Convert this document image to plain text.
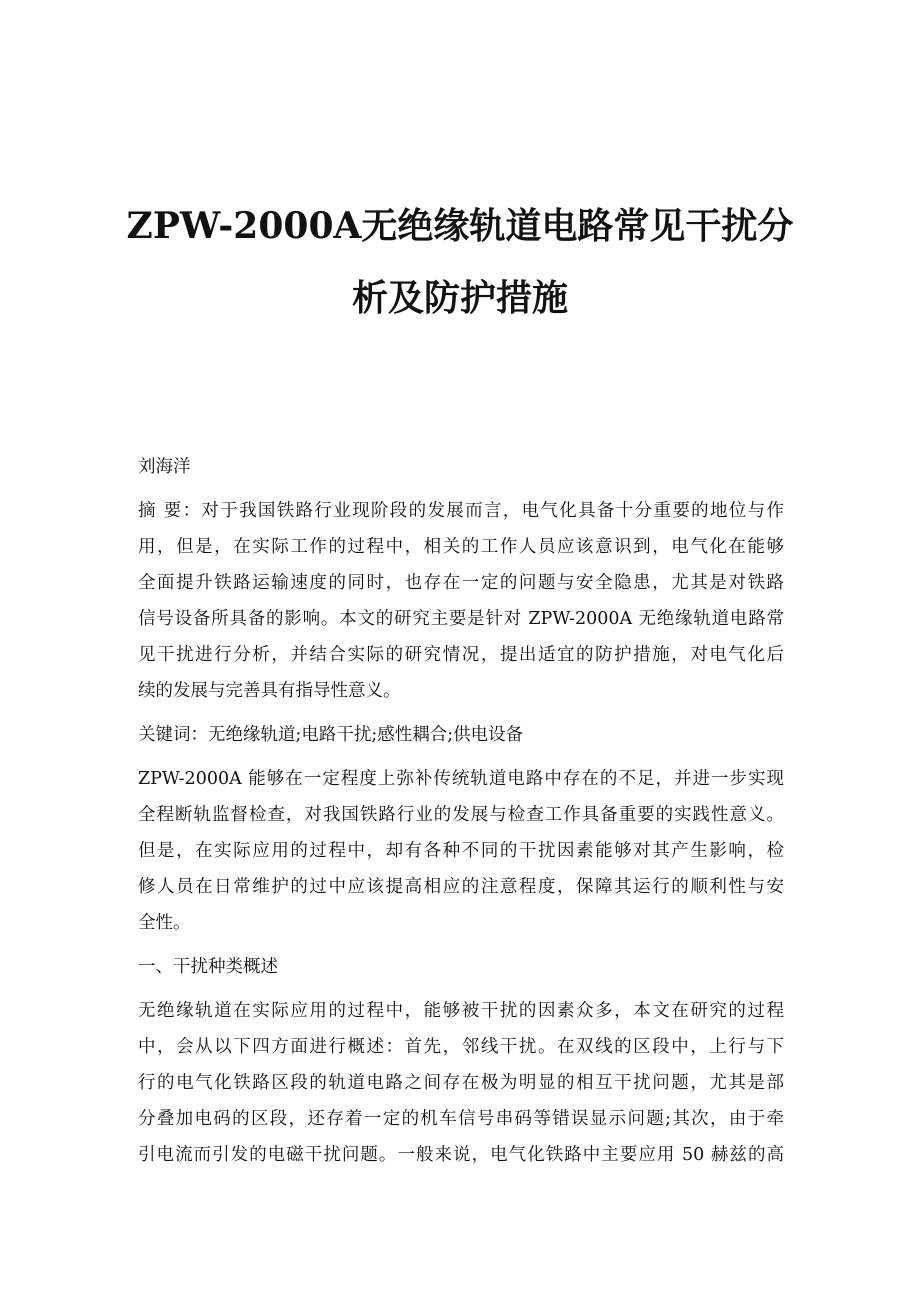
ZPW-2000A无绝缘轨道电路常见干扰分
析及防护措施
刘海洋
摘 要：对于我国铁路行业现阶段的发展而言，电气化具备十分重要的地位与作
用，但是，在实际工作的过程中，相关的工作人员应该意识到，电气化在能够
全面提升铁路运输速度的同时，也存在一定的问题与安全隐患，尤其是对铁路
信号设备所具备的影响。本文的研究主要是针对 ZPW-2000A 无绝缘轨道电路常
见干扰进行分析，并结合实际的研究情况，提出适宜的防护措施，对电气化后
续的发展与完善具有指导性意义。
关键词：无绝缘轨道;电路干扰;感性耦合;供电设备
ZPW-2000A 能够在一定程度上弥补传统轨道电路中存在的不足，并进一步实现
全程断轨监督检查，对我国铁路行业的发展与检查工作具备重要的实践性意义。
但是，在实际应用的过程中，却有各种不同的干扰因素能够对其产生影响，检
修人员在日常维护的过中应该提高相应的注意程度，保障其运行的顺利性与安
全性。
一、干扰种类概述
无绝缘轨道在实际应用的过程中，能够被干扰的因素众多，本文在研究的过程
中，会从以下四方面进行概述：首先，邻线干扰。在双线的区段中，上行与下
行的电气化铁路区段的轨道电路之间存在极为明显的相互干扰问题，尤其是部
分叠加电码的区段，还存着一定的机车信号串码等错误显示问题;其次，由于牵
引电流而引发的电磁干扰问题。一般来说，电气化铁路中主要应用 50 赫兹的高
